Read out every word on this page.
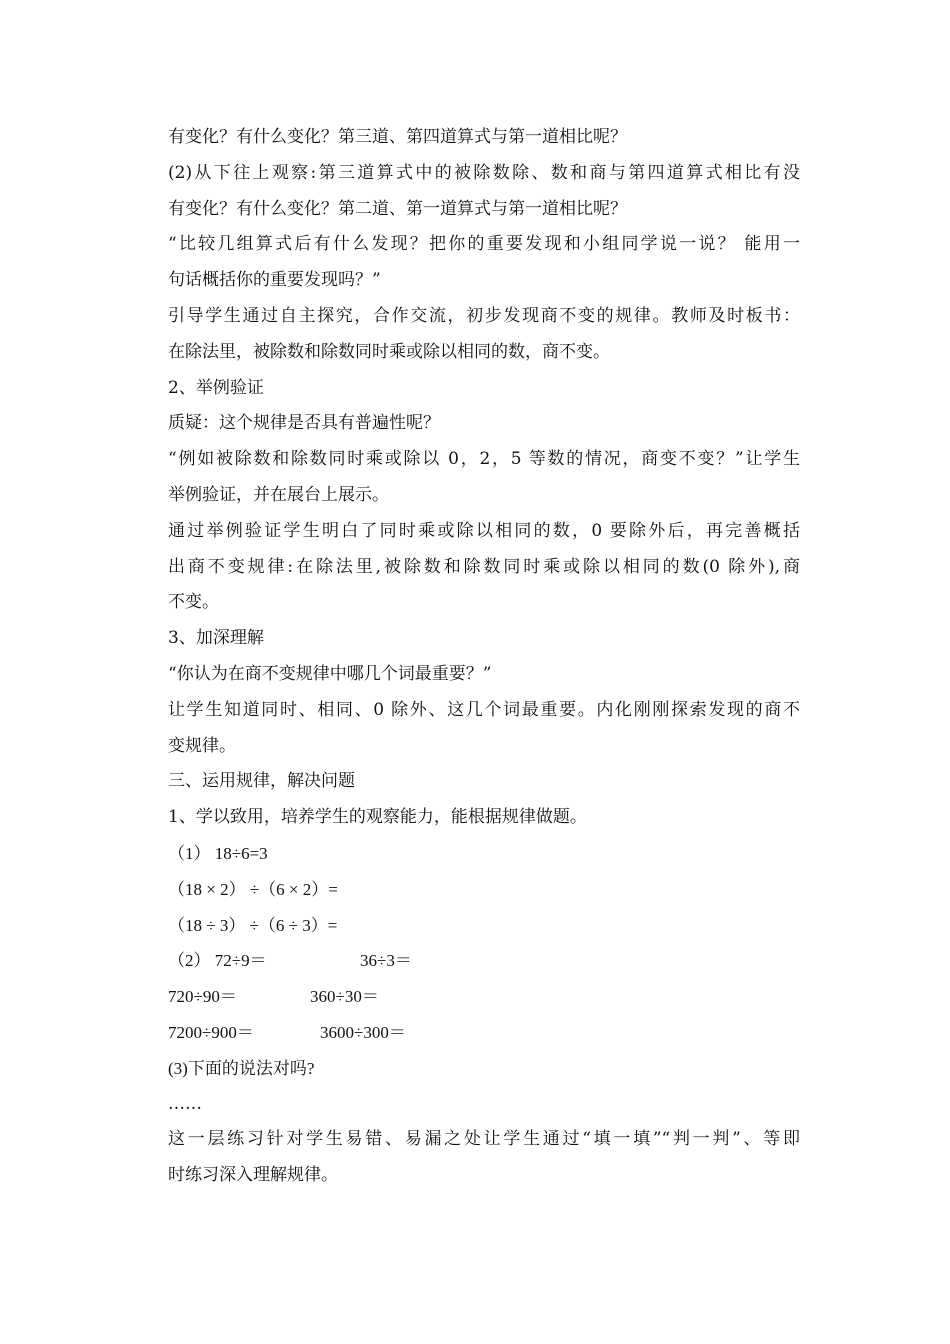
有变化？有什么变化？第三道、第四道算式与第一道相比呢？
(2)从下往上观察:第三道算式中的被除数除、数和商与第四道算式相比有没
有变化？有什么变化？第二道、第一道算式与第一道相比呢？
“比较几组算式后有什么发现？把你的重要发现和小组同学说一说？ 能用一
句话概括你的重要发现吗？”
引导学生通过自主探究，合作交流，初步发现商不变的规律。教师及时板书：
在除法里，被除数和除数同时乘或除以相同的数，商不变。
2、举例验证
质疑：这个规律是否具有普遍性呢？
“例如被除数和除数同时乘或除以 0，2，5 等数的情况，商变不变？”让学生
举例验证，并在展台上展示。
通过举例验证学生明白了同时乘或除以相同的数，0 要除外后，再完善概括
出商不变规律:在除法里,被除数和除数同时乘或除以相同的数(0 除外),商
不变。
3、加深理解
“你认为在商不变规律中哪几个词最重要？”
让学生知道同时、相同、0 除外、这几个词最重要。内化刚刚探索发现的商不
变规律。
三、运用规律，解决问题
1、学以致用，培养学生的观察能力，能根据规律做题。
（1） 18÷6=3
（18 × 2） ÷（6 × 2）=
（18 ÷ 3） ÷（6 ÷ 3）=
（2） 72÷9＝	36÷3＝
720÷90＝	360÷30＝
7200÷900＝	3600÷300＝
(3)下面的说法对吗?
……
这一层练习针对学生易错、易漏之处让学生通过“填一填”“判一判”、等即
时练习深入理解规律。
